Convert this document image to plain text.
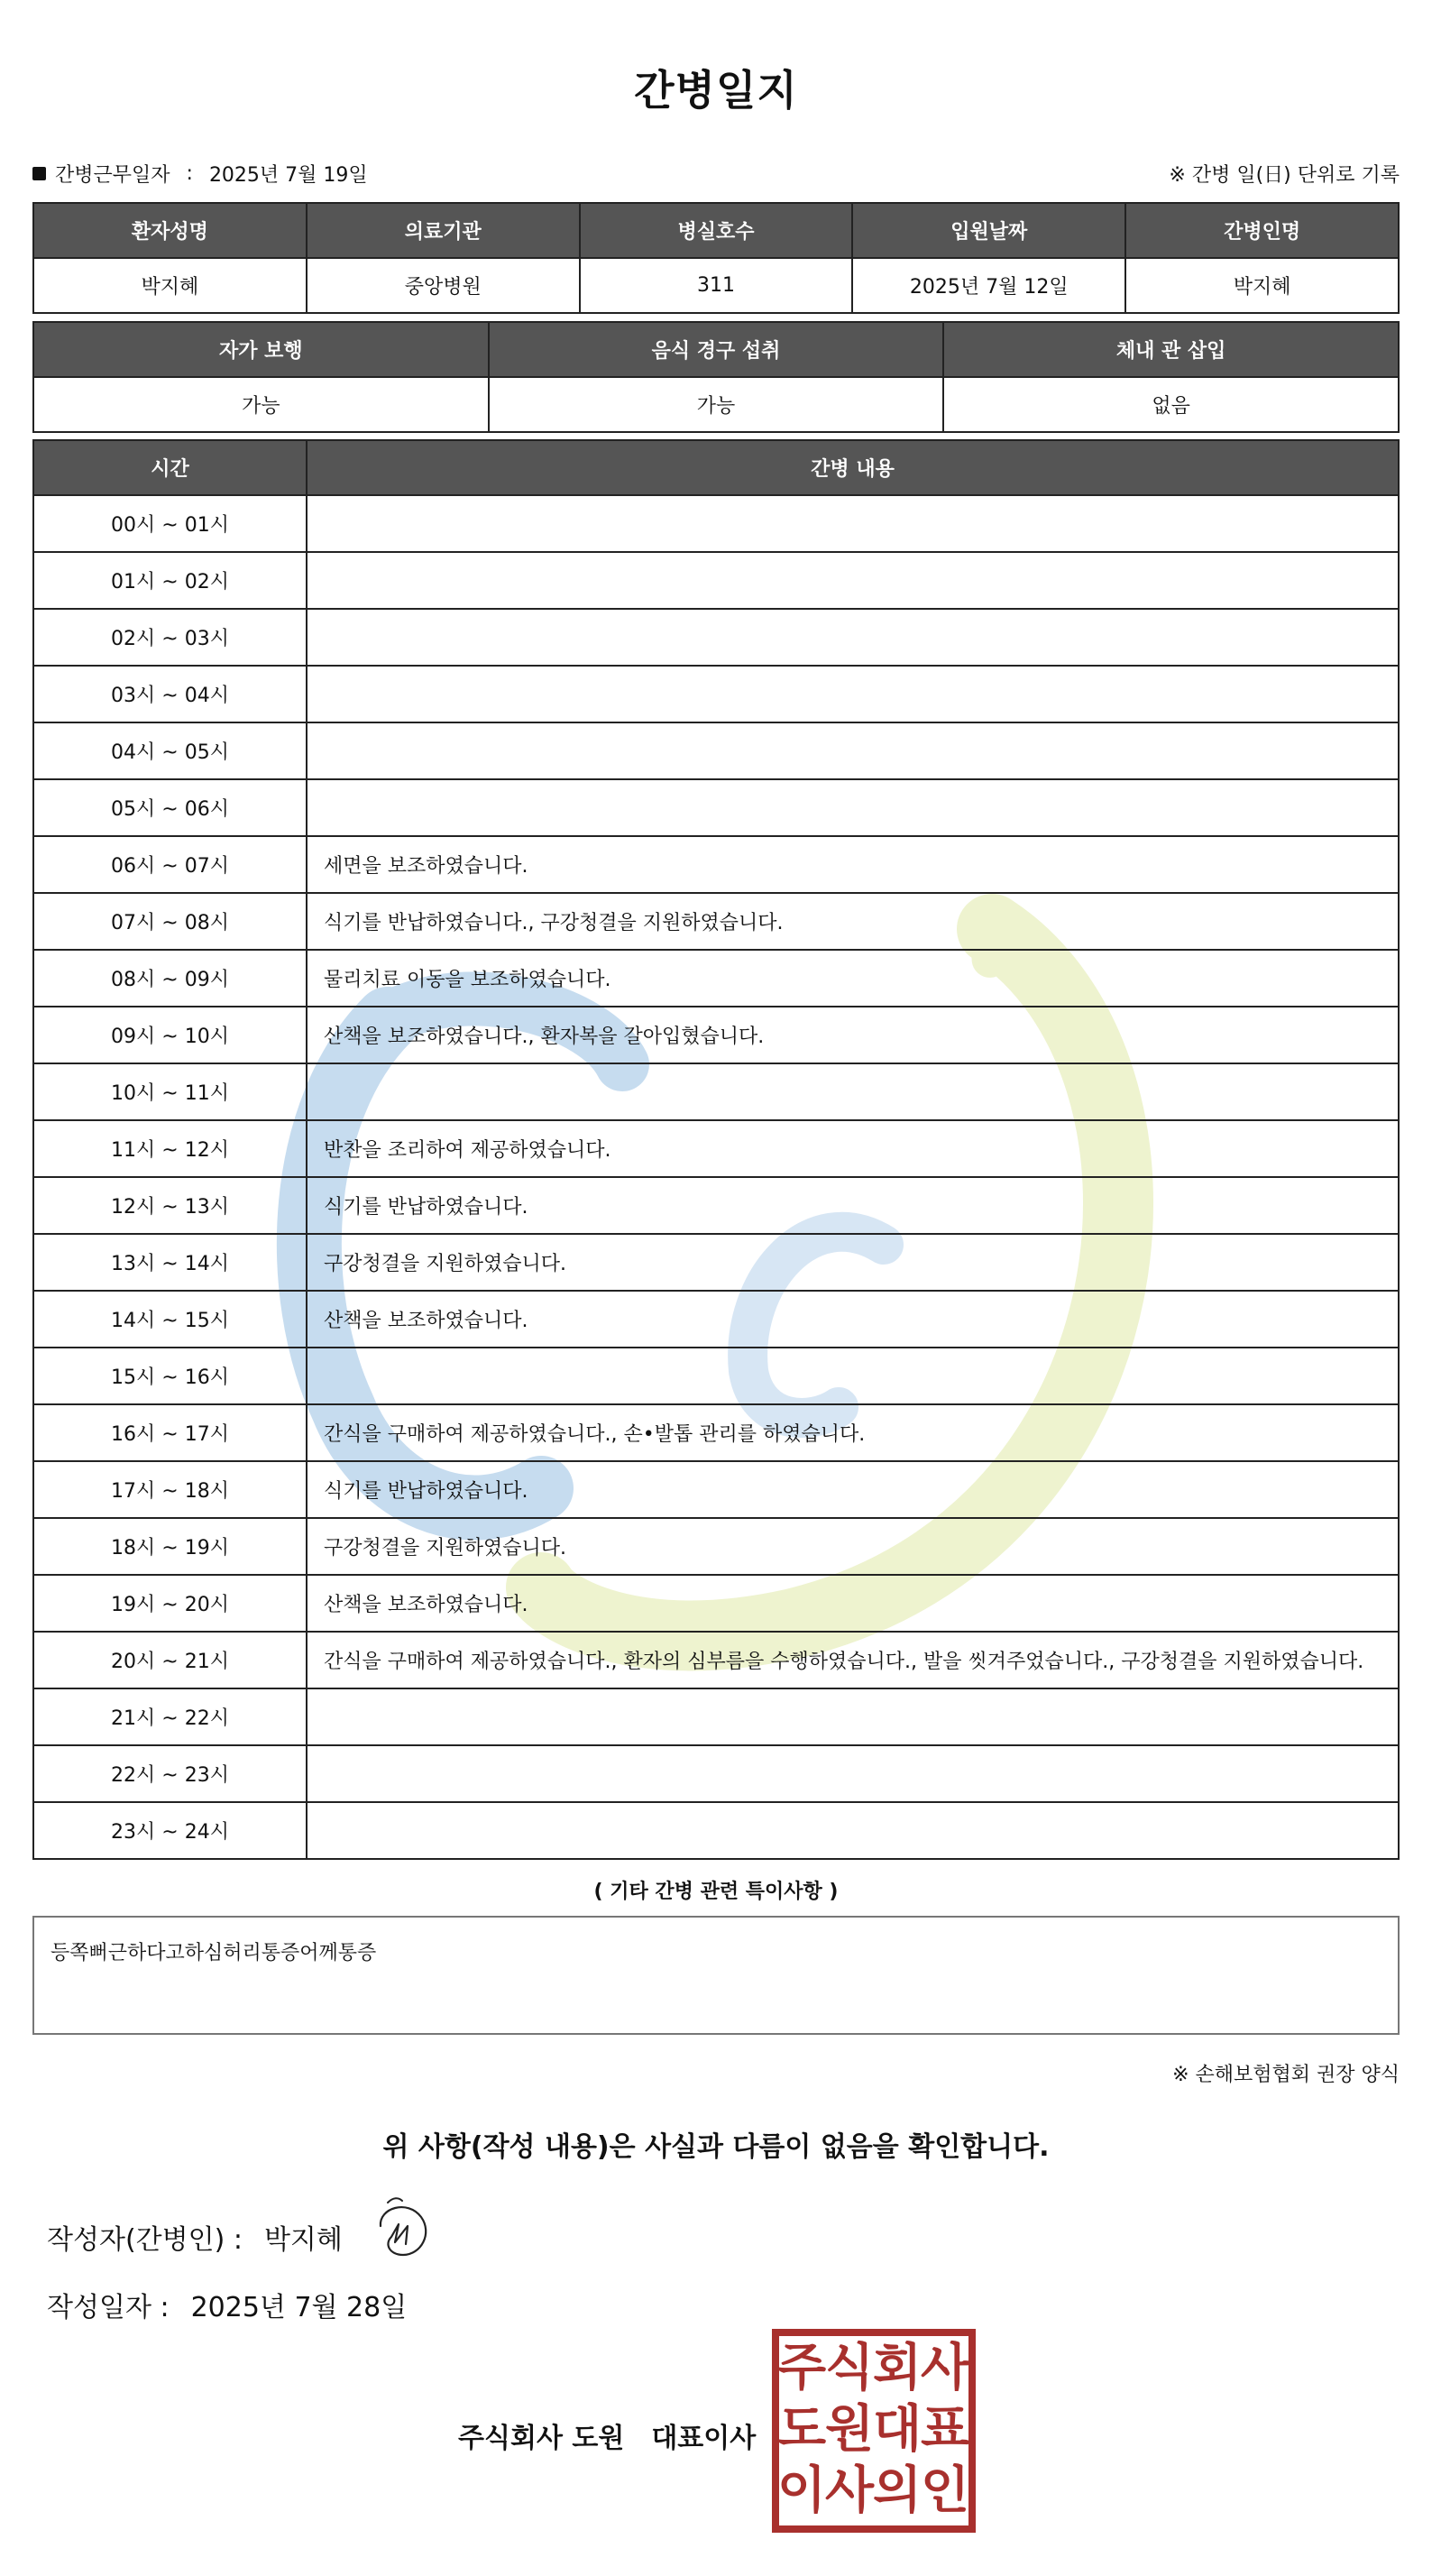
간병일지
간병근무일자 : 2025년 7월 19일	※ 간병 일(日) 단위로 기록
환자성명	의료기관	병실호수	입원날짜	간병인명
박지혜	중앙병원	311	2025년 7월 12일	박지혜
자가 보행	음식 경구 섭취	체내 관 삽입
가능	가능	없음
시간	간병 내용
00시 ~ 01시	
01시 ~ 02시	
02시 ~ 03시	
03시 ~ 04시	
04시 ~ 05시	
05시 ~ 06시	
06시 ~ 07시	세면을 보조하였습니다.
07시 ~ 08시	식기를 반납하였습니다., 구강청결을 지원하였습니다.
08시 ~ 09시	물리치료 이동을 보조하였습니다.
09시 ~ 10시	산책을 보조하였습니다., 환자복을 갈아입혔습니다.
10시 ~ 11시	
11시 ~ 12시	반찬을 조리하여 제공하였습니다.
12시 ~ 13시	식기를 반납하였습니다.
13시 ~ 14시	구강청결을 지원하였습니다.
14시 ~ 15시	산책을 보조하였습니다.
15시 ~ 16시	
16시 ~ 17시	간식을 구매하여 제공하였습니다., 손•발톱 관리를 하였습니다.
17시 ~ 18시	식기를 반납하였습니다.
18시 ~ 19시	구강청결을 지원하였습니다.
19시 ~ 20시	산책을 보조하였습니다.
20시 ~ 21시	간식을 구매하여 제공하였습니다., 환자의 심부름을 수행하였습니다., 발을 씻겨주었습니다., 구강청결을 지원하였습니다.
21시 ~ 22시	
22시 ~ 23시	
23시 ~ 24시	
( 기타 간병 관련 특이사항 )
등쪽뻐근하다고하심허리통증어께통증
※ 손해보험협회 권장 양식
위 사항(작성 내용)은 사실과 다름이 없음을 확인합니다.
작성자(간병인) : 박지혜
작성일자 : 2025년 7월 28일
주식회사 도원 대표이사
주
식
회
사
도
원
대
표
이
사
의
인
